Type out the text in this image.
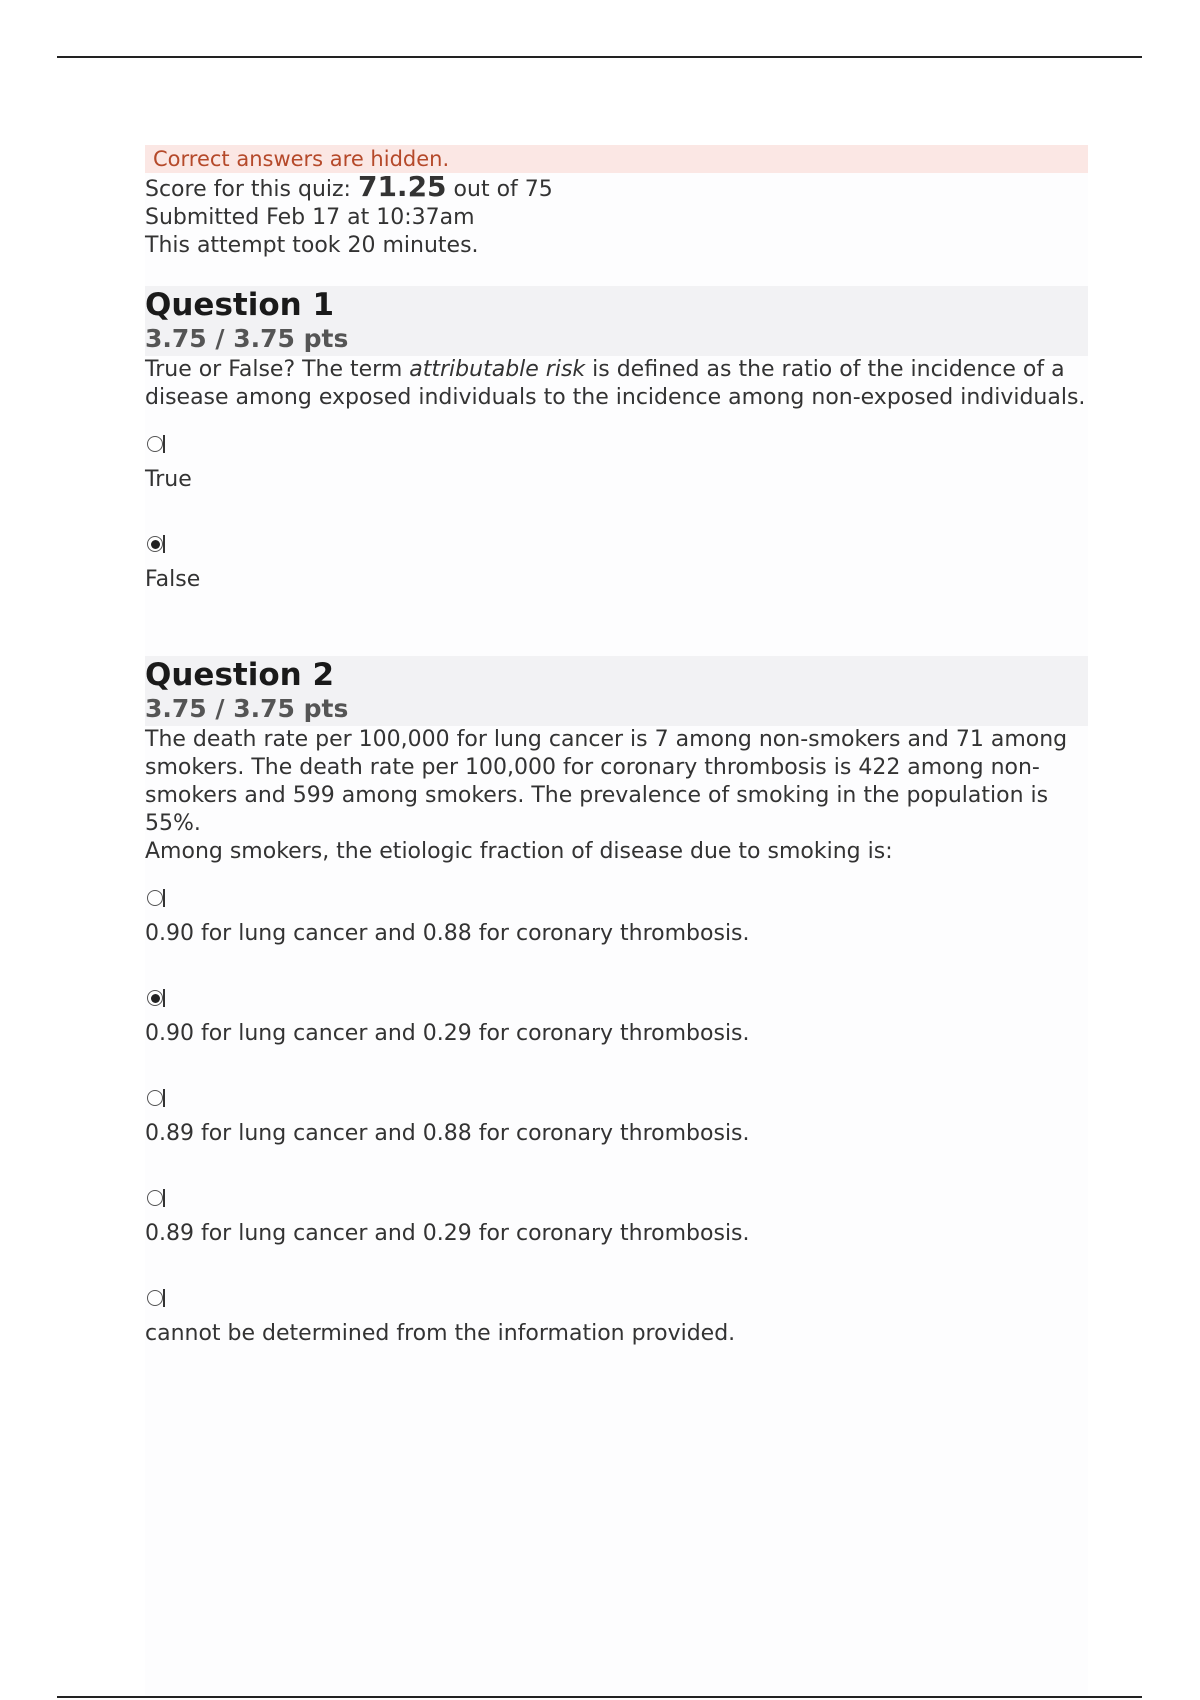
Correct answers are hidden.
Score for this quiz: 71.25 out of 75
Submitted Feb 17 at 10:37am
This attempt took 20 minutes.
Question 1
3.75 / 3.75 pts
True or False? The term attributable risk is defined as the ratio of the incidence of a disease among exposed individuals to the incidence among non-exposed individuals.
True
False
Question 2
3.75 / 3.75 pts
The death rate per 100,000 for lung cancer is 7 among non-smokers and 71 among smokers. The death rate per 100,000 for coronary thrombosis is 422 among non-smokers and 599 among smokers. The prevalence of smoking in the population is 55%.
Among smokers, the etiologic fraction of disease due to smoking is:
0.90 for lung cancer and 0.88 for coronary thrombosis.
0.90 for lung cancer and 0.29 for coronary thrombosis.
0.89 for lung cancer and 0.88 for coronary thrombosis.
0.89 for lung cancer and 0.29 for coronary thrombosis.
cannot be determined from the information provided.
